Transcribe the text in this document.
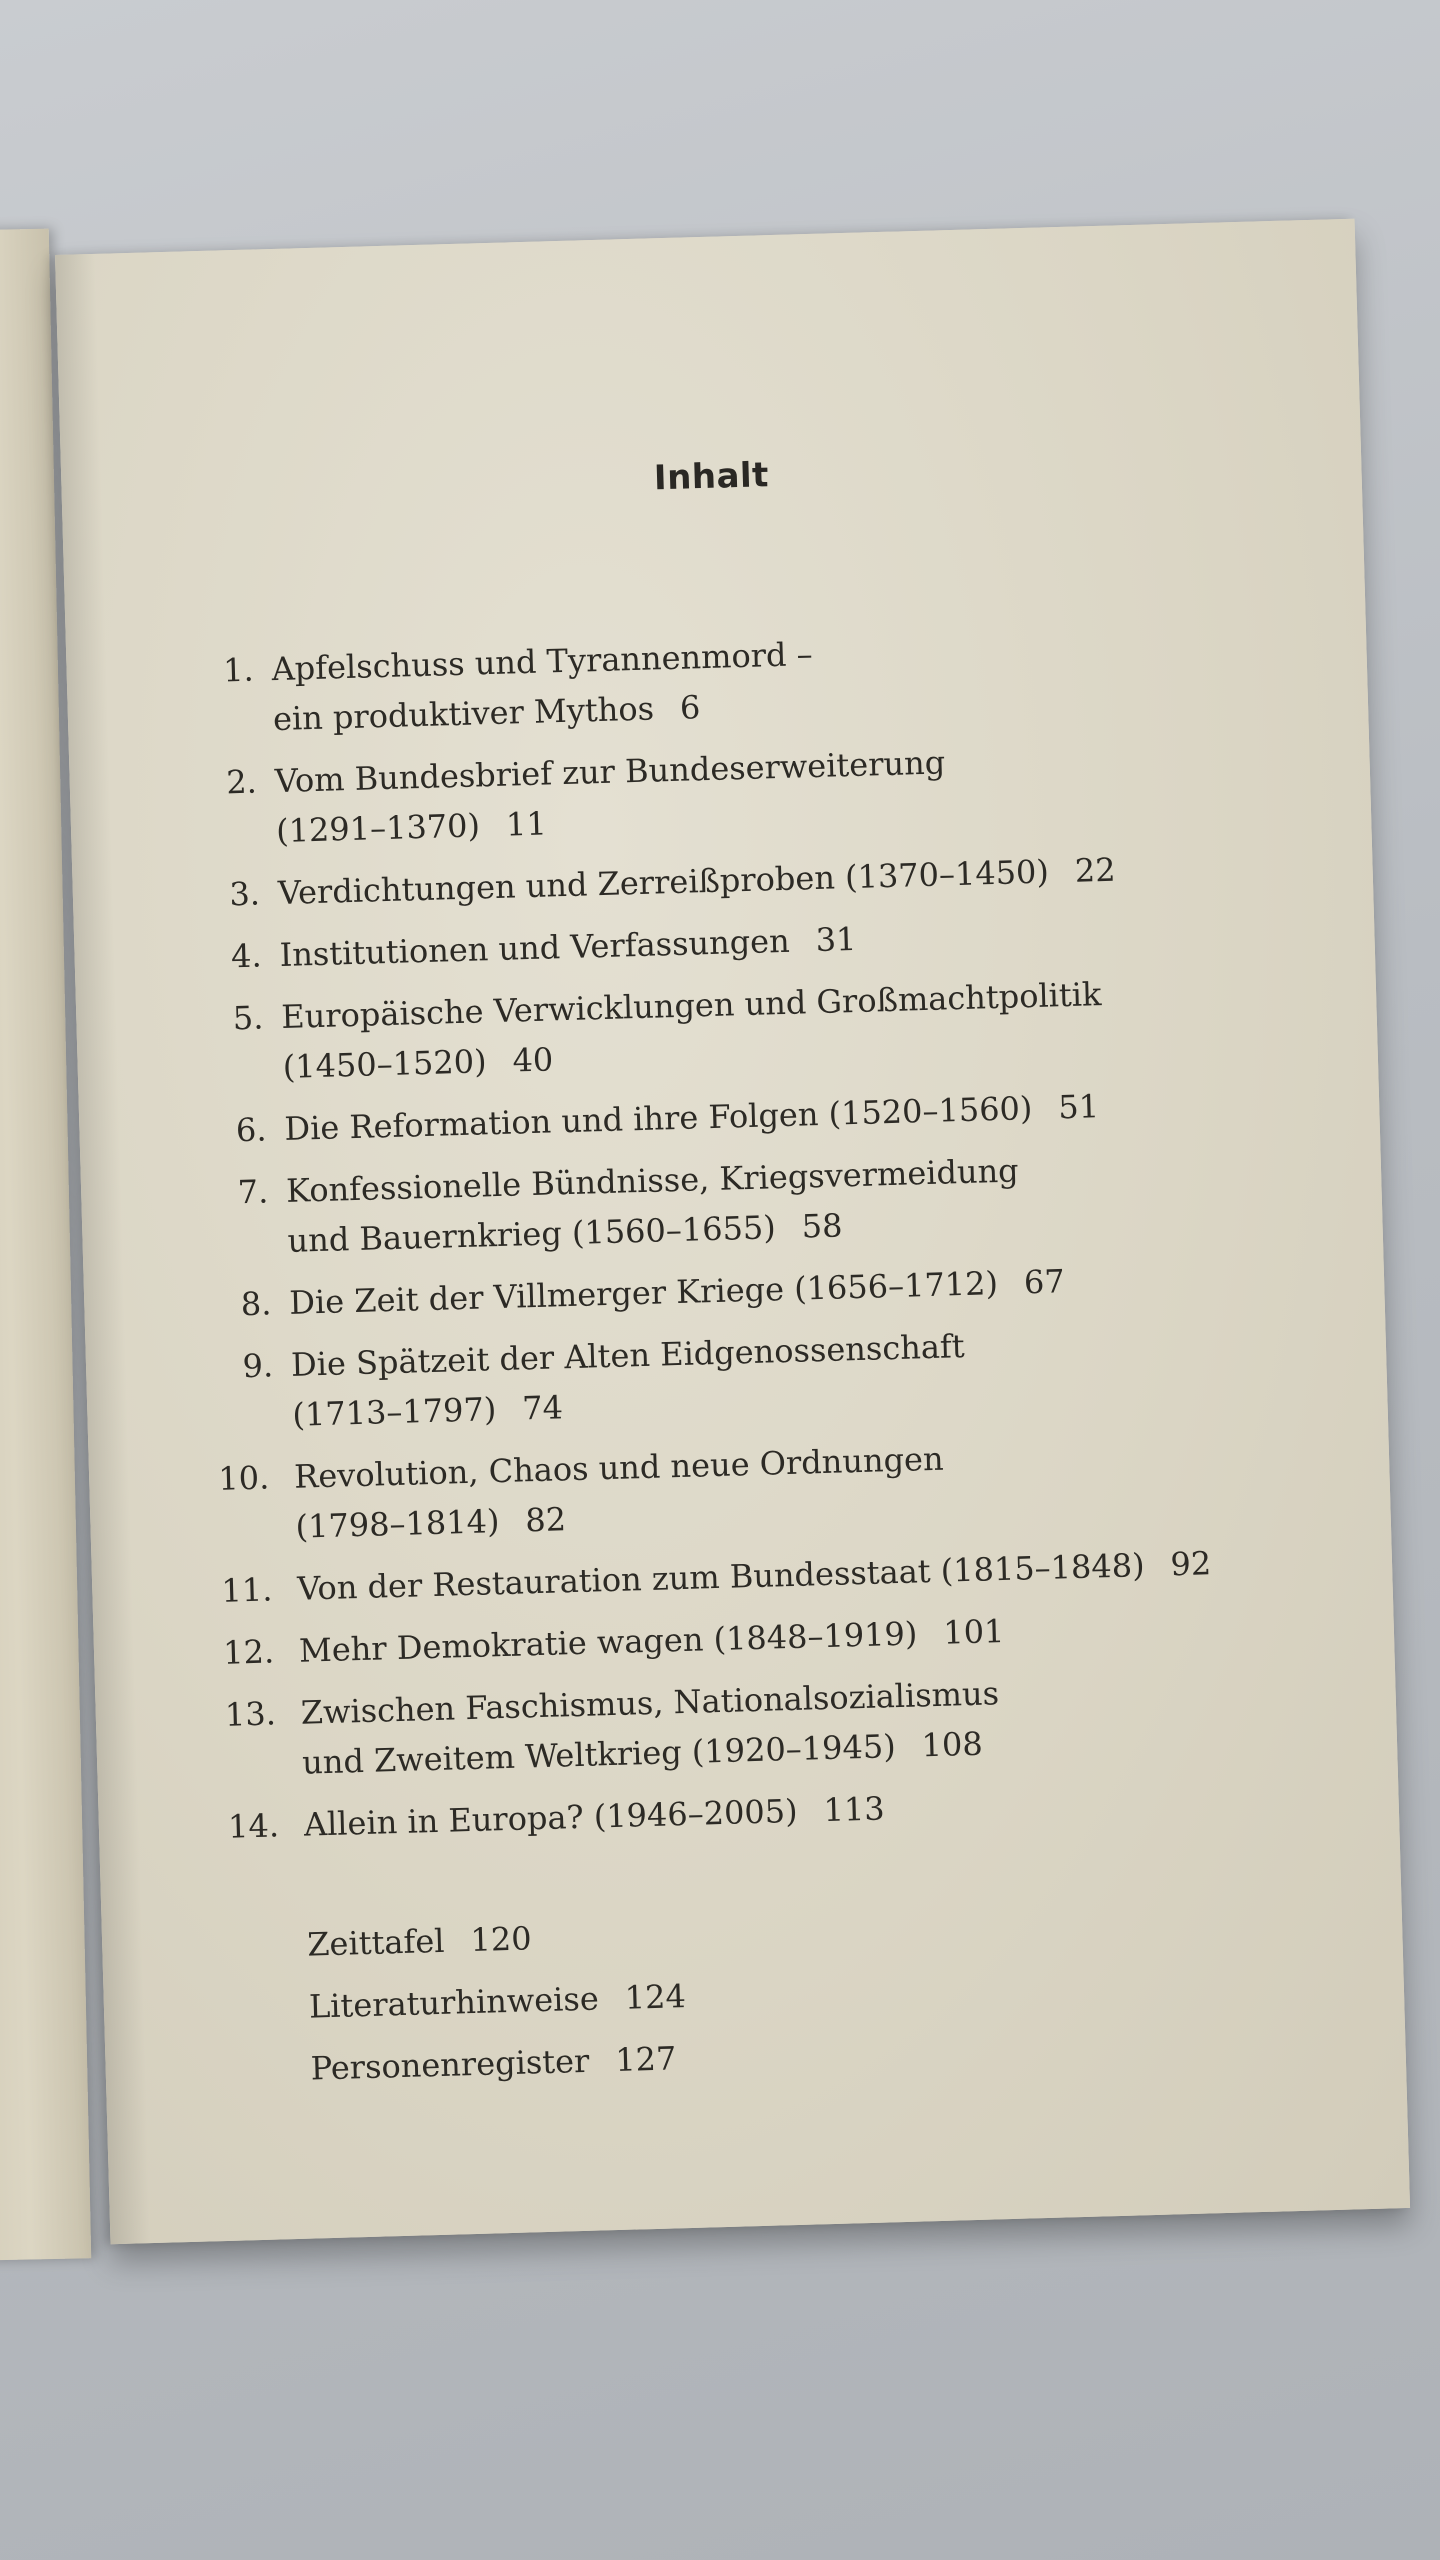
Inhalt
1. Apfelschuss und Tyrannenmord –
ein produktiver Mythos 6
2. Vom Bundesbrief zur Bundeserweiterung
(1291–1370) 11
3. Verdichtungen und Zerreißproben (1370–1450) 22
4. Institutionen und Verfassungen 31
5. Europäische Verwicklungen und Großmachtpolitik
(1450–1520) 40
6. Die Reformation und ihre Folgen (1520–1560) 51
7. Konfessionelle Bündnisse, Kriegsvermeidung
und Bauernkrieg (1560–1655) 58
8. Die Zeit der Villmerger Kriege (1656–1712) 67
9. Die Spätzeit der Alten Eidgenossenschaft
(1713–1797) 74
10. Revolution, Chaos und neue Ordnungen
(1798–1814) 82
11. Von der Restauration zum Bundesstaat (1815–1848) 92
12. Mehr Demokratie wagen (1848–1919) 101
13. Zwischen Faschismus, Nationalsozialismus
und Zweitem Weltkrieg (1920–1945) 108
14. Allein in Europa? (1946–2005) 113
Zeittafel 120
Literaturhinweise 124
Personenregister 127
